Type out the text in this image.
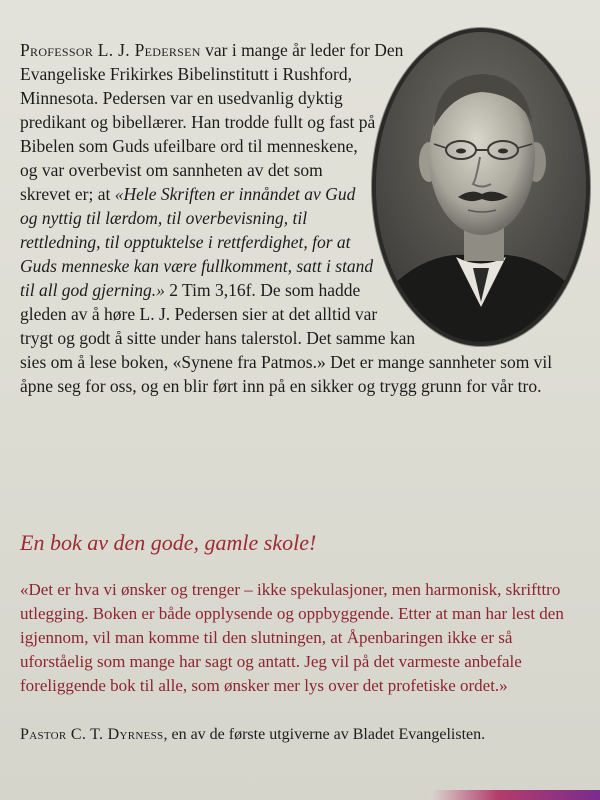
Professor L. J. Pedersen var i mange år leder for Den Evangeliske Frikirkes Bibelinstitutt i Rushford, Minnesota. Pedersen var en usedvanlig dyktig predikant og bibellærer. Han trodde fullt og fast på Bibelen som Guds ufeilbare ord til menneskene, og var overbevist om sannheten av det som skrevet er; at «Hele Skriften er innåndet av Gud og nyttig til lærdom, til overbevisning, til rettledning, til opptuktelse i rettferdighet, for at Guds menneske kan være fullkomment, satt i stand til all god gjerning.» 2 Tim 3,16f. De som hadde gleden av å høre L. J. Pedersen sier at det alltid var trygt og godt å sitte under hans talerstol. Det samme kan sies om å lese boken, «Synene fra Patmos.» Det er mange sannheter som vil åpne seg for oss, og en blir ført inn på en sikker og trygg grunn for vår tro.
En bok av den gode, gamle skole!
«Det er hva vi ønsker og trenger – ikke spekulasjoner, men harmonisk, skrifttro utlegging. Boken er både opplysende og oppbyggende. Etter at man har lest den igjennom, vil man komme til den slutningen, at Åpenbaringen ikke er så uforståelig som mange har sagt og antatt. Jeg vil på det varmeste anbefale foreliggende bok til alle, som ønsker mer lys over det profetiske ordet.»
Pastor C. T. Dyrness, en av de første utgiverne av Bladet Evangelisten.
